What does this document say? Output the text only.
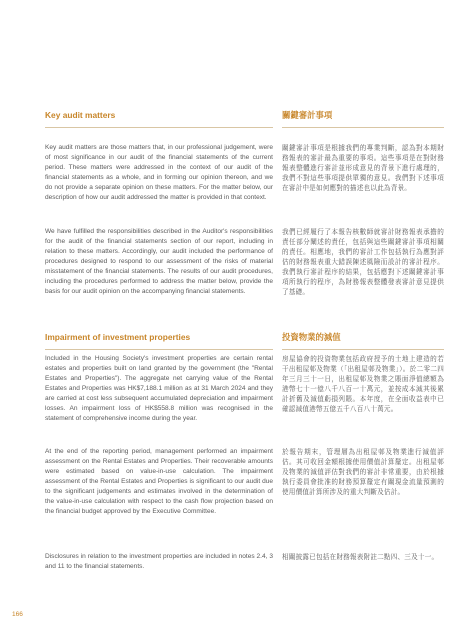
Key audit matters

Key audit matters are those matters that, in our professional judgement, were of most significance in our audit of the financial statements of the current period. These matters were addressed in the context of our audit of the financial statements as a whole, and in forming our opinion thereon, and we do not provide a separate opinion on these matters. For the matter below, our description of how our audit addressed the matter is provided in that context.

We have fulfilled the responsibilities described in the Auditor's responsibilities for the audit of the financial statements section of our report, including in relation to these matters. Accordingly, our audit included the performance of procedures designed to respond to our assessment of the risks of material misstatement of the financial statements. The results of our audit procedures, including the procedures performed to address the matter below, provide the basis for our audit opinion on the accompanying financial statements.

Impairment of investment properties

Included in the Housing Society's investment properties are certain rental estates and properties built on land granted by the government (the "Rental Estates and Properties"). The aggregate net carrying value of the Rental Estates and Properties was HK$7,188.1 million as at 31 March 2024 and they are carried at cost less subsequent accumulated depreciation and impairment losses. An impairment loss of HK$558.8 million was recognised in the statement of comprehensive income during the year.

At the end of the reporting period, management performed an impairment assessment on the Rental Estates and Properties. Their recoverable amounts were estimated based on value-in-use calculation. The impairment assessment of the Rental Estates and Properties is significant to our audit due to the significant judgements and estimates involved in the determination of the value-in-use calculation with respect to the cash flow projection based on the financial budget approved by the Executive Committee.

Disclosures in relation to the investment properties are included in notes 2.4, 3 and 11 to the financial statements.

關鍵審計事項

關鍵審計事項是根據我們的專業判斷，認為對本期財務報表的審計最為重要的事項。這些事項是在對財務報表整體進行審計並形成意見的背景下進行處理的，我們不對這些事項提供單獨的意見。我們對下述事項在審計中是如何應對的描述也以此為背景。

我們已經履行了本報告核數師就審計財務報表承擔的責任部分闡述的責任，包括與這些關鍵審計事項相關的責任。相應地，我們的審計工作包括執行為應對評估的財務報表重大錯誤陳述風險而設計的審計程序。我們執行審計程序的結果，包括應對下述關鍵審計事項所執行的程序，為財務報表整體發表審計意見提供了基礎。

投資物業的減值

房屋協會的投資物業包括政府授予的土地上建造的若干出租屋邨及物業（「出租屋邨及物業」）。於二零二四年三月三十一日，出租屋邨及物業之賬面淨值總額為港幣七十一億八千八百一十萬元，並按成本減其後累計折舊及減值虧損列賬。本年度，在全面收益表中已確認減值港幣五億五千八百八十萬元。

於報告期末，管理層為出租屋邨及物業進行減值評估。其可收回金額根據使用價值計算釐定。出租屋邨及物業的減值評估對我們的審計非常重要，由於根據執行委員會批准的財務預算釐定有關現金流量預測的使用價值計算所涉及的重大判斷及估計。

相關披露已包括在財務報表附註二點四、三及十一。

166
